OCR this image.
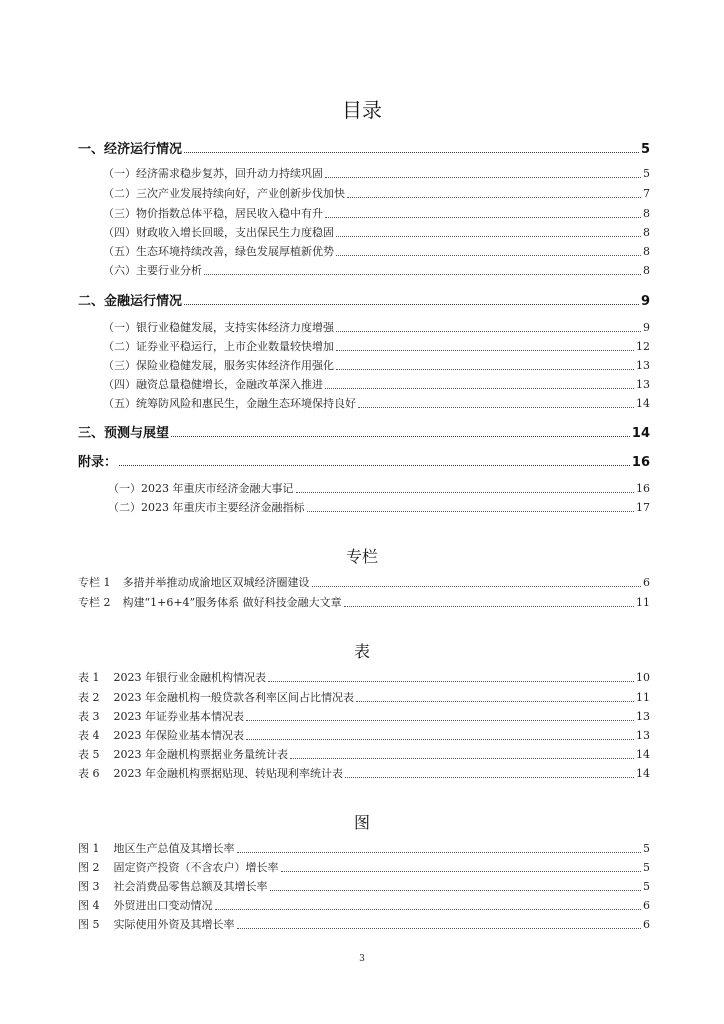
目录
一、经济运行情况	5
（一）经济需求稳步复苏，回升动力持续巩固	5
（二）三次产业发展持续向好，产业创新步伐加快	7
（三）物价指数总体平稳，居民收入稳中有升	8
（四）财政收入增长回暖，支出保民生力度稳固	8
（五）生态环境持续改善，绿色发展厚植新优势	8
（六）主要行业分析	8
二、金融运行情况	9
（一）银行业稳健发展，支持实体经济力度增强	9
（二）证券业平稳运行，上市企业数量较快增加	12
（三）保险业稳健发展，服务实体经济作用强化	13
（四）融资总量稳健增长，金融改革深入推进	13
（五）统筹防风险和惠民生，金融生态环境保持良好	14
三、预测与展望	14
附录：	16
（一）2023 年重庆市经济金融大事记	16
（二）2023 年重庆市主要经济金融指标	17
专栏
专栏 1 多措并举推动成渝地区双城经济圈建设	6
专栏 2 构建“1+6+4”服务体系 做好科技金融大文章	11
表
表 1 2023 年银行业金融机构情况表	10
表 2 2023 年金融机构一般贷款各利率区间占比情况表	11
表 3 2023 年证券业基本情况表	13
表 4 2023 年保险业基本情况表	13
表 5 2023 年金融机构票据业务量统计表	14
表 6 2023 年金融机构票据贴现、转贴现利率统计表	14
图
图 1 地区生产总值及其增长率	5
图 2 固定资产投资（不含农户）增长率	5
图 3 社会消费品零售总额及其增长率	5
图 4 外贸进出口变动情况	6
图 5 实际使用外资及其增长率	6
3
